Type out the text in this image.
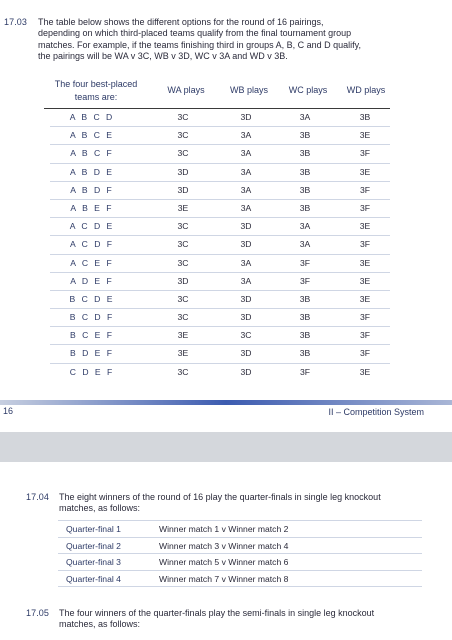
17.03 The table below shows the different options for the round of 16 pairings,
depending on which third-placed teams qualify from the final tournament group
matches. For example, if the teams finishing third in groups A, B, C and D qualify,
the pairings will be WA v 3C, WB v 3D, WC v 3A and WD v 3B.
The four best-placed
teams are:
WA plays	WB plays	WC plays	WD plays
A B C D	3C	3D	3A	3B
A B C E	3C	3A	3B	3E
A B C F	3C	3A	3B	3F
A B D E	3D	3A	3B	3E
A B D F	3D	3A	3B	3F
A B E F	3E	3A	3B	3F
A C D E	3C	3D	3A	3E
A C D F	3C	3D	3A	3F
A C E F	3C	3A	3F	3E
A D E F	3D	3A	3F	3E
B C D E	3C	3D	3B	3E
B C D F	3C	3D	3B	3F
B C E F	3E	3C	3B	3F
B D E F	3E	3D	3B	3F
C D E F	3C	3D	3F	3E
16	II – Competition System
17.04 The eight winners of the round of 16 play the quarter-finals in single leg knockout
matches, as follows:
Quarter-final 1	Winner match 1 v Winner match 2
Quarter-final 2	Winner match 3 v Winner match 4
Quarter-final 3	Winner match 5 v Winner match 6
Quarter-final 4	Winner match 7 v Winner match 8
17.05 The four winners of the quarter-finals play the semi-finals in single leg knockout
matches, as follows:
